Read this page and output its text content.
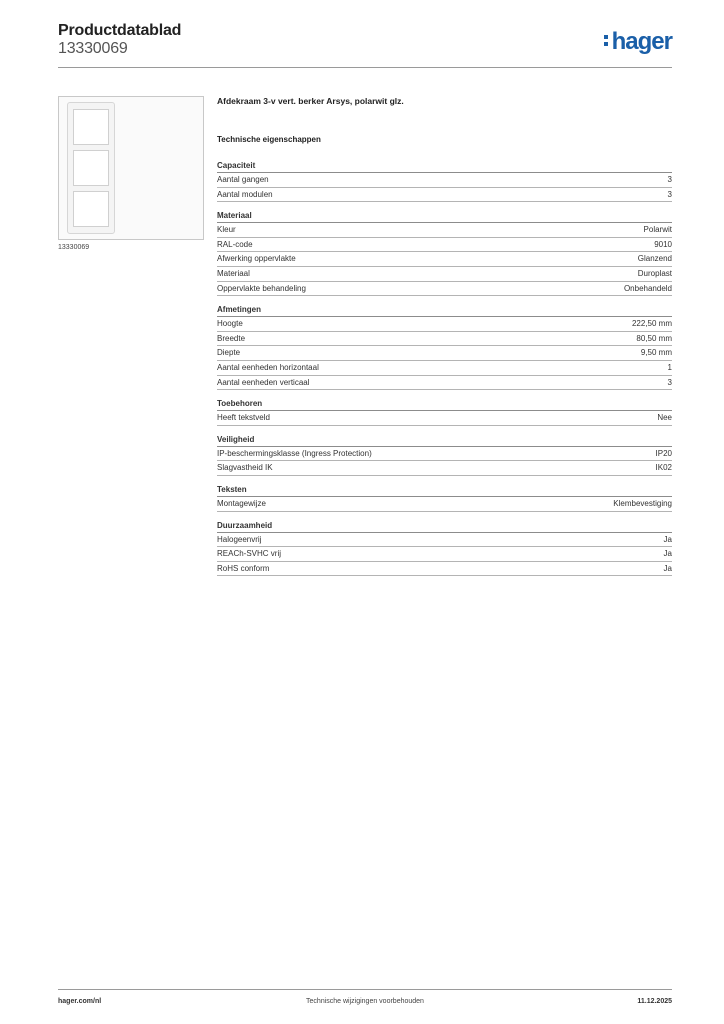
Productdatablad
13330069	hager
13330069
Afdekraam 3-v vert. berker Arsys, polarwit glz.
Technische eigenschappen
Capaciteit
Aantal gangen	3
Aantal modulen	3
Materiaal
Kleur	Polarwit
RAL-code	9010
Afwerking oppervlakte	Glanzend
Materiaal	Duroplast
Oppervlakte behandeling	Onbehandeld
Afmetingen
Hoogte	222,50 mm
Breedte	80,50 mm
Diepte	9,50 mm
Aantal eenheden horizontaal	1
Aantal eenheden verticaal	3
Toebehoren
Heeft tekstveld	Nee
Veiligheid
IP-beschermingsklasse (Ingress Protection)	IP20
Slagvastheid IK	IK02
Teksten
Montagewijze	Klembevestiging
Duurzaamheid
Halogeenvrij	Ja
REACh-SVHC vrij	Ja
RoHS conform	Ja
hager.com/nl	Technische wijzigingen voorbehouden	11.12.2025
